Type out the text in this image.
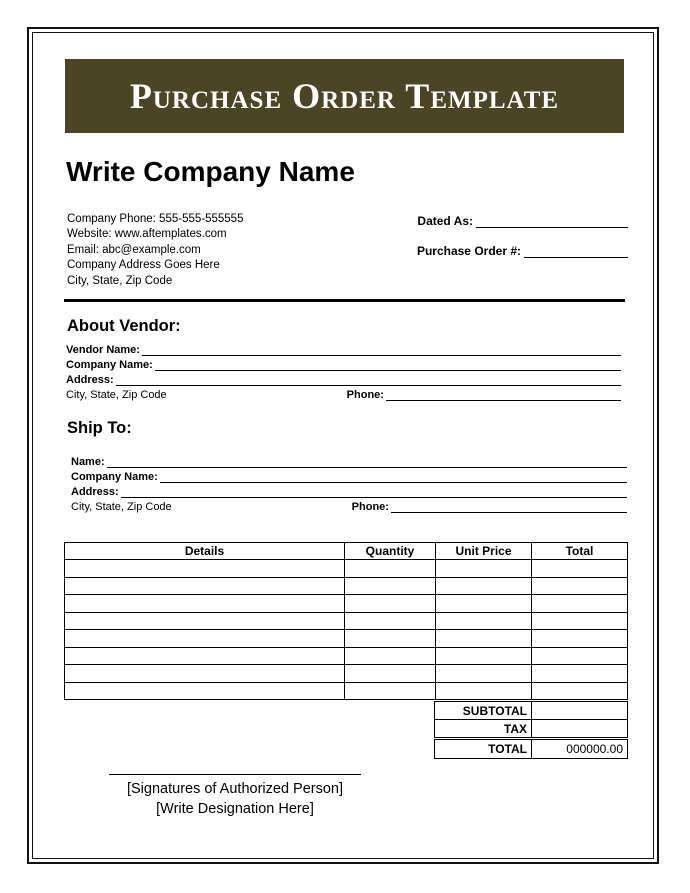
Purchase Order Template
Write Company Name
Company Phone: 555-555-555555
Website: www.aftemplates.com
Email: abc@example.com
Company Address Goes Here
City, State, Zip Code
Dated As:
Purchase Order #:
About Vendor:
Vendor Name:
Company Name:
Address:
City, State, Zip Code	Phone:
Ship To:
Name:
Company Name:
Address:
City, State, Zip Code	Phone:
Details	Quantity	Unit Price	Total

SUBTOTAL	
TAX	
TOTAL	000000.00
[Signatures of Authorized Person]
[Write Designation Here]
